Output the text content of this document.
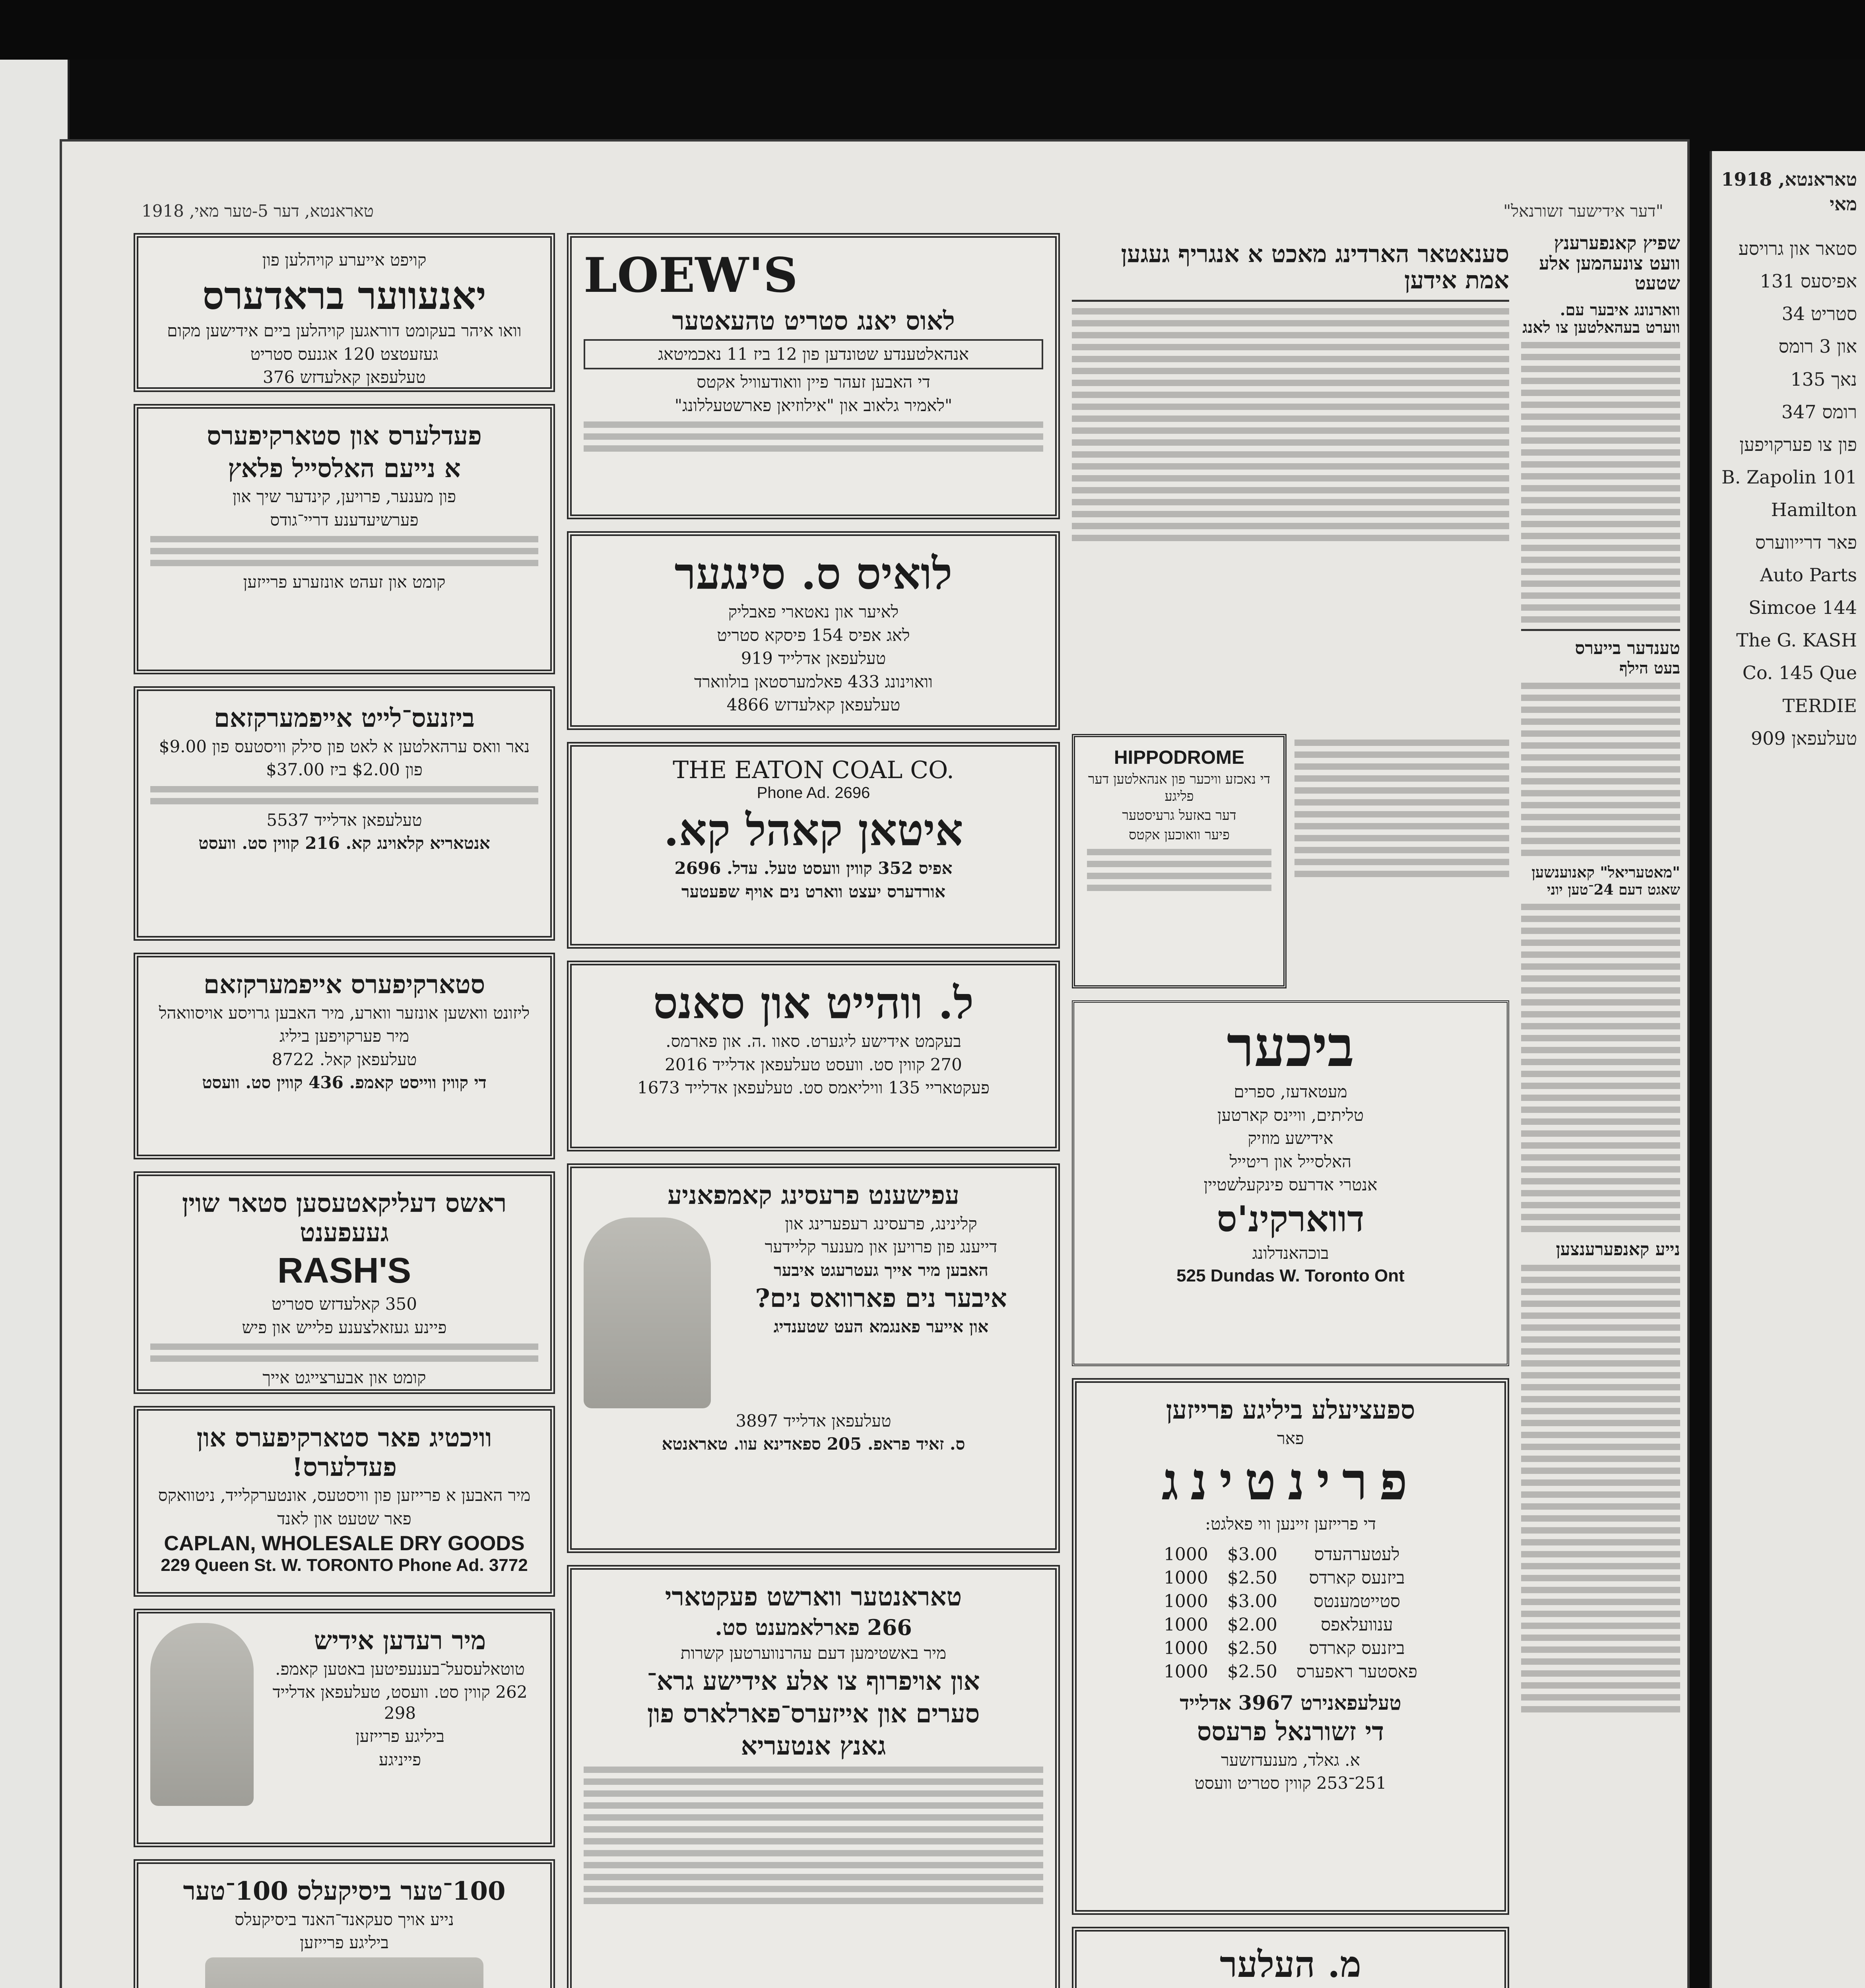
"דער אידישער זשורנאל"
טאראנטא, דער 5-טער מאי, 1918
קויפט אייערע קויהלען פון
יאנעווער בראדערס
וואו איהר בעקומט דוראגען קויהלען ביים אידישען מקום
געזעטצט 120 אגנעס סטריט
טעלעפאן קאלעדזש 376
פעדלערס און סטארקיפערס
א נייעם האלסייל פלאץ
פון מענער, פרויען, קינדער שיך און
פערשיעדענע דריי־גודס
קומט און זעהט אונזערע פרייזען
ביזנעס־לייט אייפמערקזאם
נאר וואס ערהאלטען א לאט פון סילק וויסטעס פון $9.00
פון $2.00 ביז $37.00
טעלעפאן אדלייד 5537
אנטאריא קלאוינג קא. 216 קווין סט. וועסט
סטארקיפערס אייפמערקזאם
ליזונט וואשען אונזער ווארע, מיר האבען גרויסע אויסוואהל
מיר פערקויפען ביליג
טעלעפאן קאל. 8722
די קווין ווייסט קאמפ. 436 קווין סט. וועסט
ראשס דעליקאטעסען סטאר שוין געעפענט
RASH'S
350 קאלעדזש סטריט
פיינע געזאלצענע פלייש און פיש
קומט און אבערצייגט אייך
וויכטיג פאר סטארקיפערס און פעדלערס!
מיר האבען א פרייזען פון וויסטעס, אונטערקלייד, ניטוואקס
פאר שטעט און לאנד
CAPLAN, WHOLESALE DRY GOODS
229 Queen St. W. TORONTO Phone Ad. 3772
מיר רעדען אידיש
טוטאלעסעל־בענעפיטען באטען קאמפ.
262 קווין סט. וועסט, טעלעפאן אדלייד 298
ביליגע פרייזען
פייניגע
100־טער ביסיקעלס 100־טער
נייע אויך סעקאנד־האנד ביסיקעלס
ביליגע פרייזען
LOEW'S
לאוס יאנג סטריט טהעאטער
אנהאלטענדע שטונדען פון 12 ביז 11 נאכמיטאג
די האבען זעהר פיין וואודעוויל אקטס
"לאמיר גלאוב און "אילוזיאן פארשטעללונג"
לואיס ס. סינגער
לאיער און נאטארי פאבליק
לאג אפיס 154 פיסקא סטריט
טעלעפאן אדלייד 919
וואוינונג 433 פאלמערסטאן בולווארד
טעלעפאן קאלעדזש 4866
THE EATON COAL CO.
Phone Ad. 2696
איטאן קאהל קא.
אפיס 352 קווין וועסט טעל. עדל. 2696
אורדערס יעצט ווארט נים אויף שפעטער
ל. ווהייט און סאנס
בעקמט אידישע ליגערט. סאוו .ה. און פארמס.
270 קווין סט. וועסט טעלעפאן אדלייד 2016
פעקטאריי 135 וויליאמס סט. טעלעפאן אדלייד 1673
עפישענט פרעסינג קאמפאניע
קלינינג, פרעסינג רעפערינג און
דייענג פון פרויען און מענער קליידער
האבען מיר אייך געטרעגט איבער
איבער נים פארוואס נים?
און אייער פאנגמא העט שטענדיג
טעלעפאן אדלייד 3897
ס. זאיד פראפ. 205 ספאדינא עוו. טאראנטא
טאראנטער ווארשט פעקטארי
266 פארלאמענט סט.
מיר באשטימען דעם עהרנווערטען קשרות
און אויפרוף צו אלע אידישע גרא־
סערים און אייזערס־פארלארס פון
גאנץ אנטעריא
סענאטאר הארדינג מאכט א אנגריף געגען אמת אידען
HIPPODROME
די נאכזע וויכער פון אנהאלטען דער פליגע
דער באזעל גרעיסטער
פיער וואוכען אקטס
ביכער
מעטאדעז, ספרים
טליתים, וויינס קארטען
אידישע מוזיק
האלסייל און ריטייל
אנטרי אדרעס פינקעלשטיין
דווארקינ'ס
בוכהאנדלונג
525 Dundas W. Toronto Ont
ספעציעלע ביליגע פרייזען
פאר
פרינטינג
די פרייזען זיינען ווי פאלגט:
1000	$3.00	לעטערהעדס
1000	$2.50	ביזנעס קארדס
1000	$3.00	סטייטמענטס
1000	$2.00	ענוועלאפס
1000	$2.50	ביזנעס קארדס
1000	$2.50	פאסטער ראפערס
טעלעפאנירט 3967 אדלייד
די זשורנאל פרעסס
א. גאלד, מענעדזשער
251־253 קווין סטריט וועסט
מ. העלער
שפיץ קאנפערענץ וועט צונעהמען אלע שטעט
ווארנונג איבער עם. ווערט בעהאלטען צו לאנג
טענדער בייערס
בעט הילף
"מאטעריאל" קאנוענשען
שאגט דעם 24־טען יוני
נייע קאנפערענצען
טאראנטא, 1918 מאי
סטאר און גרויסע
אפיסעס 131
סטריט 34
און 3 רומס
נאך 135
רומס 347
פון צו פערקויפען
B. Zapolin 101
Hamilton
פאר דרייווערס
Auto Parts
144 Simcoe
The G. KASH
Co. 145 Que
TERDIE
טעלעפאן 909
